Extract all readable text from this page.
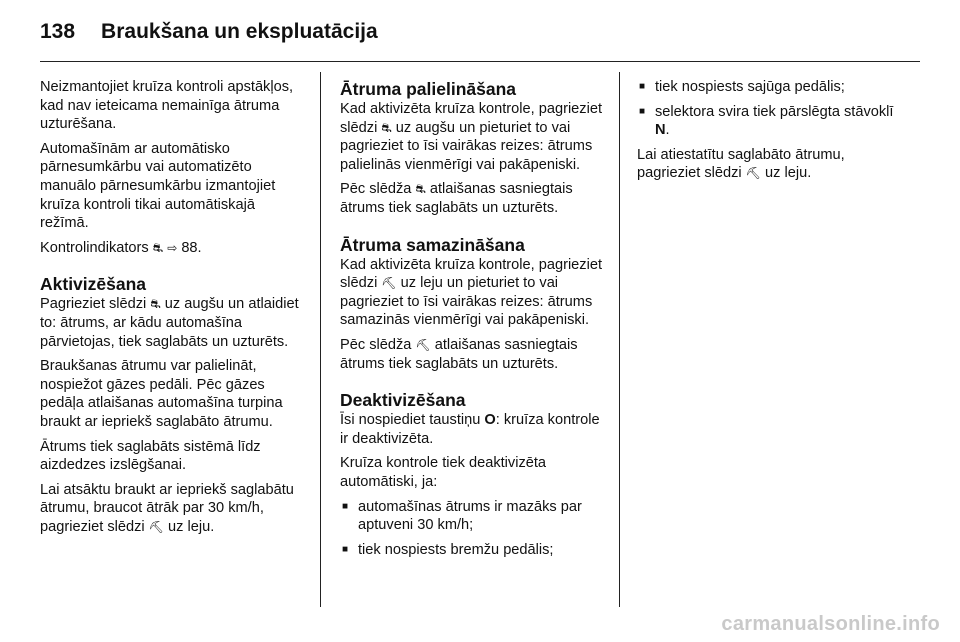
138 Braukšana un ekspluatācija

Neizmantojiet kruīza kontroli apstākļos, kad nav ieteicama nemainīga ātruma uzturēšana.

Automašīnām ar automātisko pārnesumkārbu vai automatizēto manuālo pārnesumkārbu izmantojiet kruīza kontroli tikai automātiskajā režīmā.

Kontrolindikators ⛐ ⇨ 88.

Aktivizēšana

Pagrieziet slēdzi ⛐ uz augšu un atlaidiet to: ātrums, ar kādu automašīna pārvietojas, tiek saglabāts un uzturēts.

Braukšanas ātrumu var palielināt, nospiežot gāzes pedāli. Pēc gāzes pedāļa atlaišanas automašīna turpina braukt ar iepriekš saglabāto ātrumu.

Ātrums tiek saglabāts sistēmā līdz aizdedzes izslēgšanai.

Lai atsāktu braukt ar iepriekš saglabātu ātrumu, braucot ātrāk par 30 km/h, pagrieziet slēdzi ⛏ uz leju.

Ātruma palielināšana

Kad aktivizēta kruīza kontrole, pagrieziet slēdzi ⛐ uz augšu un pieturiet to vai pagrieziet to īsi vairākas reizes: ātrums palielinās vienmērīgi vai pakāpeniski.

Pēc slēdža ⛐ atlaišanas sasniegtais ātrums tiek saglabāts un uzturēts.

Ātruma samazināšana

Kad aktivizēta kruīza kontrole, pagrieziet slēdzi ⛏ uz leju un pieturiet to vai pagrieziet to īsi vairākas reizes: ātrums samazinās vienmērīgi vai pakāpeniski.

Pēc slēdža ⛏ atlaišanas sasniegtais ātrums tiek saglabāts un uzturēts.

Deaktivizēšana

Īsi nospiediet taustiņu O: kruīza kontrole ir deaktivizēta.

Kruīza kontrole tiek deaktivizēta automātiski, ja:

■ automašīnas ātrums ir mazāks par aptuveni 30 km/h;
■ tiek nospiests bremžu pedālis;
■ tiek nospiests sajūga pedālis;
■ selektora svira tiek pārslēgta stāvoklī N.

Lai atiestatītu saglabāto ātrumu, pagrieziet slēdzi ⛏ uz leju.

carmanualsonline.info
